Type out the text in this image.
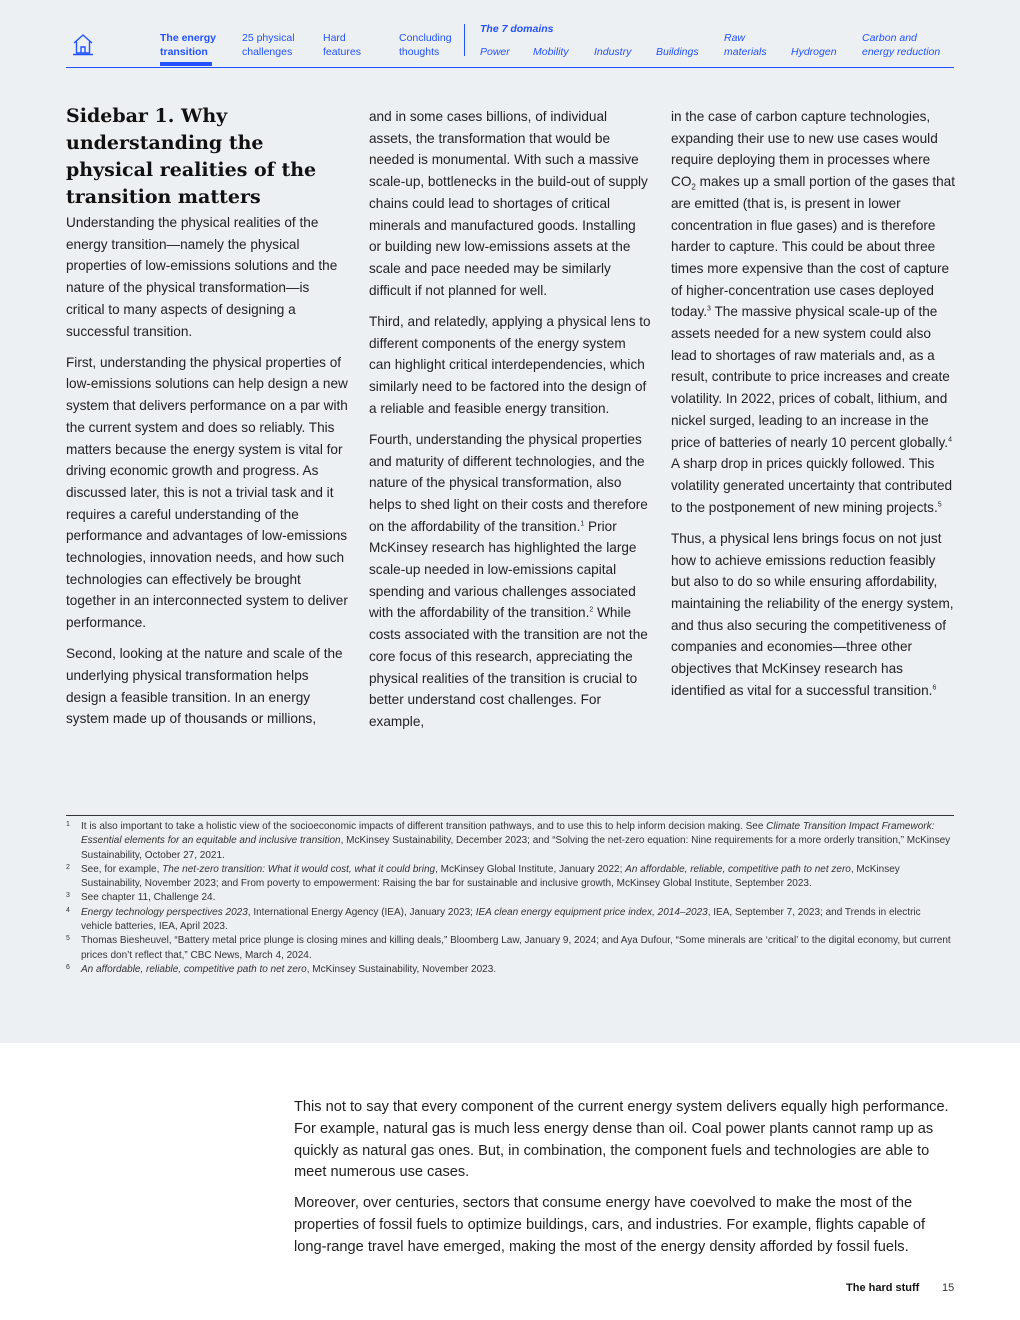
The energy
transition
25 physical
challenges
Hard
features
Concluding
thoughts
The 7 domains

Power
Mobility
Industry
Buildings
Raw
materials
Hydrogen
Carbon and
energy reduction
Sidebar 1. Why understanding the physical realities of the transition matters

Understanding the physical realities of the energy transition—namely the physical properties of low-emissions solutions and the nature of the physical transformation—is critical to many aspects of designing a successful transition.

First, understanding the physical properties of low-emissions solutions can help design a new system that delivers performance on a par with the current system and does so reliably. This matters because the energy system is vital for driving economic growth and progress. As discussed later, this is not a trivial task and it requires a careful understanding of the performance and advantages of low-emissions technologies, innovation needs, and how such technologies can effectively be brought together in an interconnected system to deliver performance.

Second, looking at the nature and scale of the underlying physical transformation helps design a feasible transition. In an energy system made up of thousands or millions,

and in some cases billions, of individual assets, the transformation that would be needed is monumental. With such a massive scale-up, bottlenecks in the build-out of supply chains could lead to shortages of critical minerals and manufactured goods. Installing or building new low-emissions assets at the scale and pace needed may be similarly difficult if not planned for well.

Third, and relatedly, applying a physical lens to different components of the energy system can highlight critical interdependencies, which similarly need to be factored into the design of a reliable and feasible energy transition.

Fourth, understanding the physical properties and maturity of different technologies, and the nature of the physical transformation, also helps to shed light on their costs and therefore on the affordability of the transition.$^1$ Prior McKinsey research has highlighted the large scale-up needed in low-emissions capital spending and various challenges associated with the affordability of the transition.$^2$ While costs associated with the transition are not the core focus of this research, appreciating the physical realities of the transition is crucial to better understand cost challenges. For example,

in the case of carbon capture technologies, expanding their use to new use cases would require deploying them in processes where $CO_2$ makes up a small portion of the gases that are emitted (that is, is present in lower concentration in flue gases) and is therefore harder to capture. This could be about three times more expensive than the cost of capture of higher-concentration use cases deployed today.$^3$ The massive physical scale-up of the assets needed for a new system could also lead to shortages of raw materials and, as a result, contribute to price increases and create volatility. In 2022, prices of cobalt, lithium, and nickel surged, leading to an increase in the price of batteries of nearly 10 percent globally.$^4$ A sharp drop in prices quickly followed. This volatility generated uncertainty that contributed to the postponement of new mining projects.$^5$

Thus, a physical lens brings focus on not just how to achieve emissions reduction feasibly but also to do so while ensuring affordability, maintaining the reliability of the energy system, and thus also securing the competitiveness of companies and economies—three other objectives that McKinsey research has identified as vital for a successful transition.$^6$

1 It is also important to take a holistic view of the socioeconomic impacts of different transition pathways, and to use this to help inform decision making. See Climate Transition Impact Framework: Essential elements for an equitable and inclusive transition, McKinsey Sustainability, December 2023; and “Solving the net-zero equation: Nine requirements for a more orderly transition,” McKinsey Sustainability, October 27, 2021.
2 See, for example, The net-zero transition: What it would cost, what it could bring, McKinsey Global Institute, January 2022; An affordable, reliable, competitive path to net zero, McKinsey Sustainability, November 2023; and From poverty to empowerment: Raising the bar for sustainable and inclusive growth, McKinsey Global Institute, September 2023.
3 See chapter 11, Challenge 24.
4 Energy technology perspectives 2023, International Energy Agency (IEA), January 2023; IEA clean energy equipment price index, 2014–2023, IEA, September 7, 2023; and Trends in electric vehicle batteries, IEA, April 2023.
5 Thomas Biesheuvel, “Battery metal price plunge is closing mines and killing deals,” Bloomberg Law, January 9, 2024; and Aya Dufour, “Some minerals are ‘critical’ to the digital economy, but current prices don’t reflect that,” CBC News, March 4, 2024.
6 An affordable, reliable, competitive path to net zero, McKinsey Sustainability, November 2023.

This not to say that every component of the current energy system delivers equally high performance. For example, natural gas is much less energy dense than oil. Coal power plants cannot ramp up as quickly as natural gas ones. But, in combination, the component fuels and technologies are able to meet numerous use cases.

Moreover, over centuries, sectors that consume energy have coevolved to make the most of the properties of fossil fuels to optimize buildings, cars, and industries. For example, flights capable of long-range travel have emerged, making the most of the energy density afforded by fossil fuels.

The hard stuff 15
